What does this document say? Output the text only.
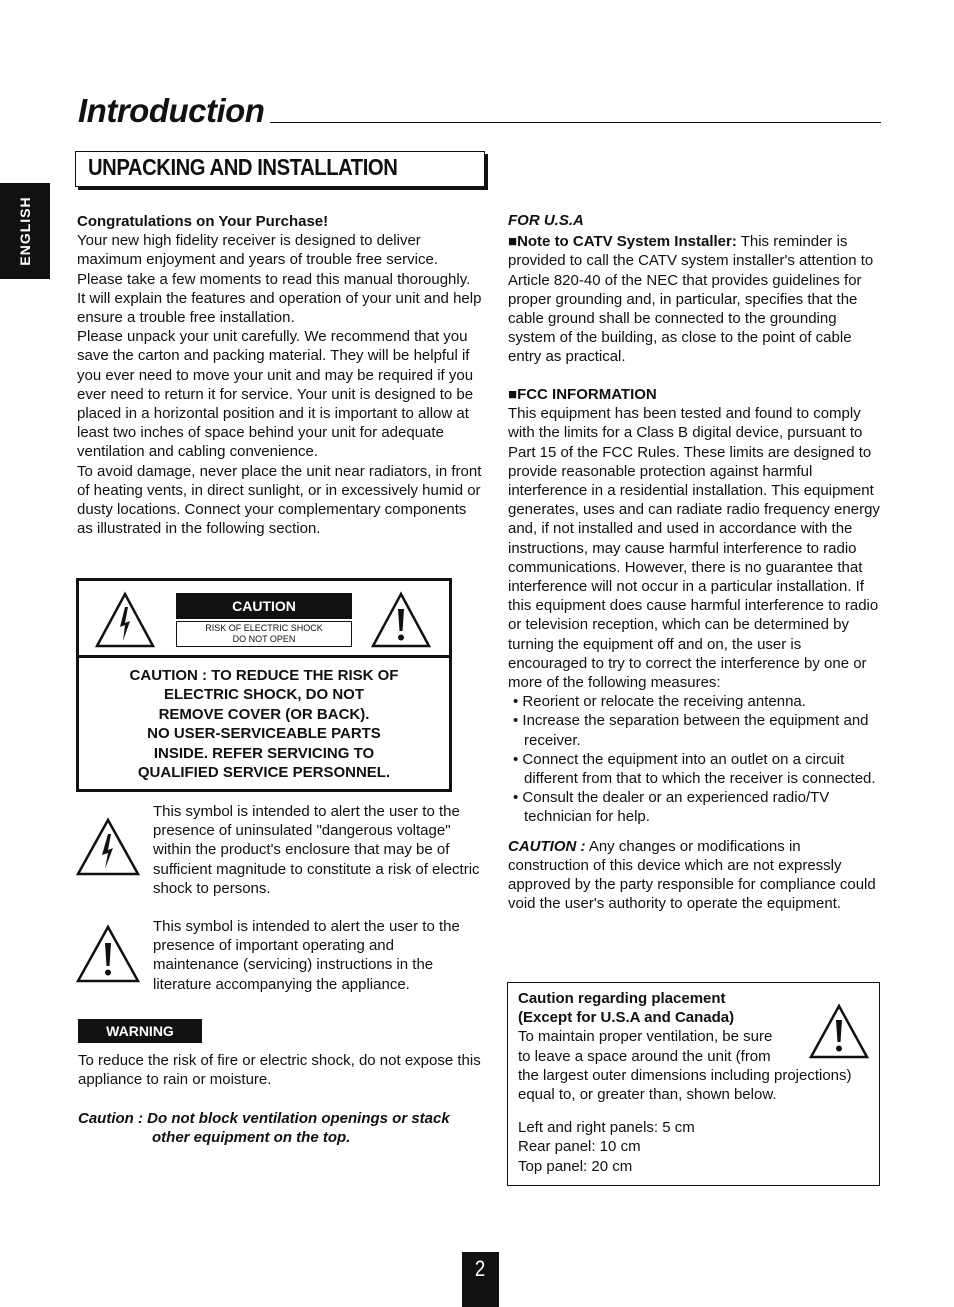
ENGLISH
Introduction
UNPACKING AND INSTALLATION

Congratulations on Your Purchase!

Your new high fidelity receiver is designed to deliver maximum enjoyment and years of trouble free service. Please take a few moments to read this manual thoroughly. It will explain the features and operation of your unit and help ensure a trouble free installation.

Please unpack your unit carefully. We recommend that you save the carton and packing material. They will be helpful if you ever need to move your unit and may be required if you ever need to return it for service. Your unit is designed to be placed in a horizontal position and it is important to allow at least two inches of space behind your unit for adequate ventilation and cabling convenience.

To avoid damage, never place the unit near radiators, in front of heating vents, in direct sunlight, or in excessively humid or dusty locations. Connect your complementary components as illustrated in the following section.

CAUTION
RISK OF ELECTRIC SHOCK
DO NOT OPEN
CAUTION : TO REDUCE THE RISK OF
ELECTRIC SHOCK, DO NOT
REMOVE COVER (OR BACK).
NO USER-SERVICEABLE PARTS
INSIDE. REFER SERVICING TO
QUALIFIED SERVICE PERSONNEL.
This symbol is intended to alert the user to the presence of uninsulated "dangerous voltage" within the product's enclosure that may be of sufficient magnitude to constitute a risk of electric shock to persons.
This symbol is intended to alert the user to the presence of important operating and maintenance (servicing) instructions in the literature accompanying the appliance.
WARNING
To reduce the risk of fire or electric shock, do not expose this appliance to rain or moisture.
Caution : Do not block ventilation openings or stack
other equipment on the top.

FOR U.S.A

■Note to CATV System Installer: This reminder is provided to call the CATV system installer's attention to Article 820-40 of the NEC that provides guidelines for proper grounding and, in particular, specifies that the cable ground shall be connected to the grounding system of the building, as close to the point of cable entry as practical.

■FCC INFORMATION

This equipment has been tested and found to comply with the limits for a Class B digital device, pursuant to Part 15 of the FCC Rules. These limits are designed to provide reasonable protection against harmful interference in a residential installation. This equipment generates, uses and can radiate radio frequency energy and, if not installed and used in accordance with the instructions, may cause harmful interference to radio communications. However, there is no guarantee that interference will not occur in a particular installation. If this equipment does cause harmful interference to radio or television reception, which can be determined by turning the equipment off and on, the user is encouraged to try to correct the interference by one or more of the following measures:

• Reorient or relocate the receiving antenna.

• Increase the separation between the equipment and receiver.

• Connect the equipment into an outlet on a circuit different from that to which the receiver is connected.

• Consult the dealer or an experienced radio/TV technician for help.

CAUTION : Any changes or modifications in construction of this device which are not expressly approved by the party responsible for compliance could void the user's authority to operate the equipment.

Caution regarding placement

(Except for U.S.A and Canada)

To maintain proper ventilation, be sure

to leave a space around the unit (from

the largest outer dimensions including projections) equal to, or greater than, shown below.

Left and right panels: 5 cm

Rear panel: 10 cm

Top panel: 20 cm

2
